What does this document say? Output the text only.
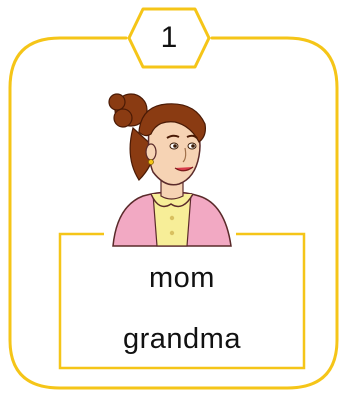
1
mom
grandma
